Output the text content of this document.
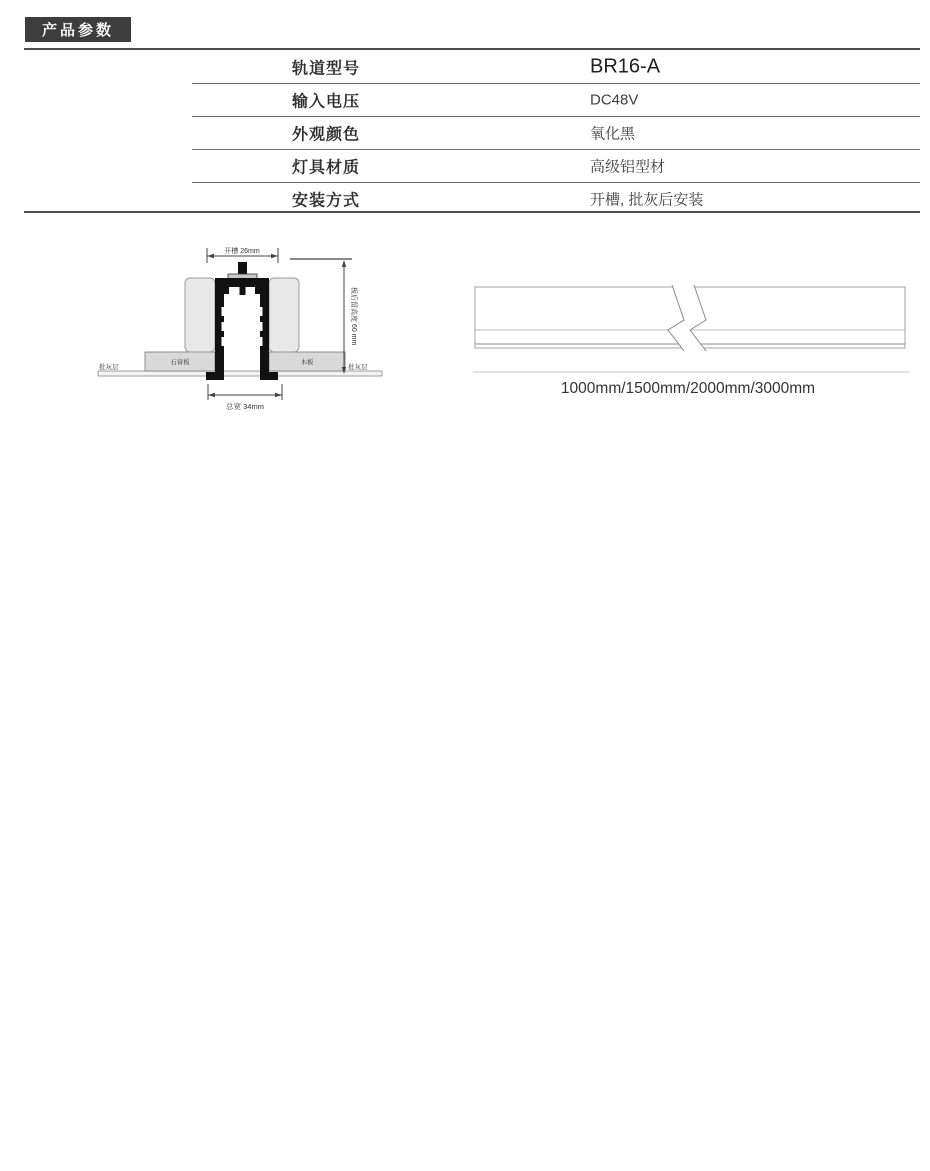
产品参数
轨道型号	BR16-A
输入电压	DC48V
外观颜色	氧化黑
灯具材质	高级铝型材
安装方式	开槽, 批灰后安装
石膏板	木板
开槽 26mm
板后留高度 60 mm
批灰层	批灰层
总宽 34mm
1000mm/1500mm/2000mm/3000mm
